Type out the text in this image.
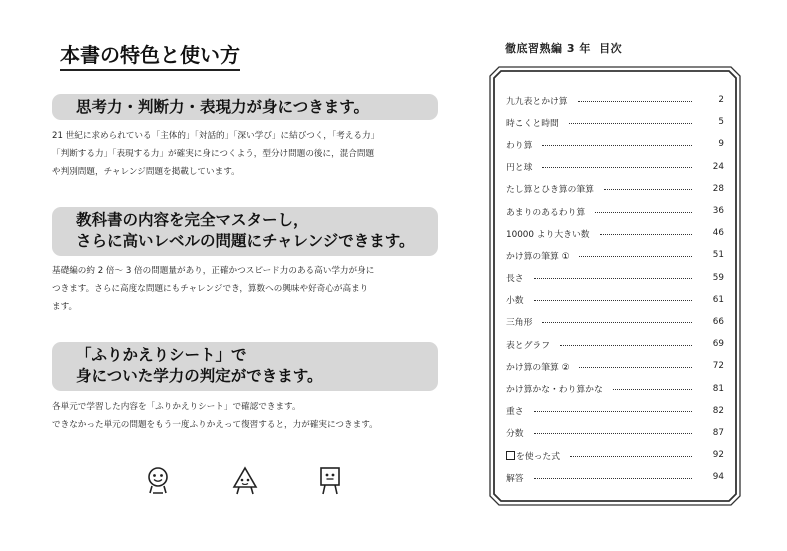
本書の特色と使い方
思考力・判断力・表現力が身につきます。

21 世紀に求められている「主体的」「対話的」「深い学び」に結びつく，「考える力」
「判断する力」「表現する力」が確実に身につくよう，型分け問題の後に，混合問題
や判別問題，チャレンジ問題を掲載しています。

教科書の内容を完全マスターし，
さらに高いレベルの問題にチャレンジできます。

基礎編の約 2 倍～ 3 倍の問題量があり，正確かつスピード力のある高い学力が身に
つきます。さらに高度な問題にもチャレンジでき，算数への興味や好奇心が高まり
ます。

「ふりかえりシート」で
身についた学力の判定ができます。

各単元で学習した内容を「ふりかえりシート」で確認できます。
できなかった単元の問題をもう一度ふりかえって復習すると，力が確実につきます。

徹底習熟編 3 年 目次
九九表とかけ算	2
時こくと時間	5
わり算	9
円と球	24
たし算とひき算の筆算	28
あまりのあるわり算	36
10000 より大きい数	46
かけ算の筆算 ①	51
長さ	59
小数	61
三角形	66
表とグラフ	69
かけ算の筆算 ②	72
かけ算かな・わり算かな	81
重さ	82
分数	87
を使った式	92
解答	94
